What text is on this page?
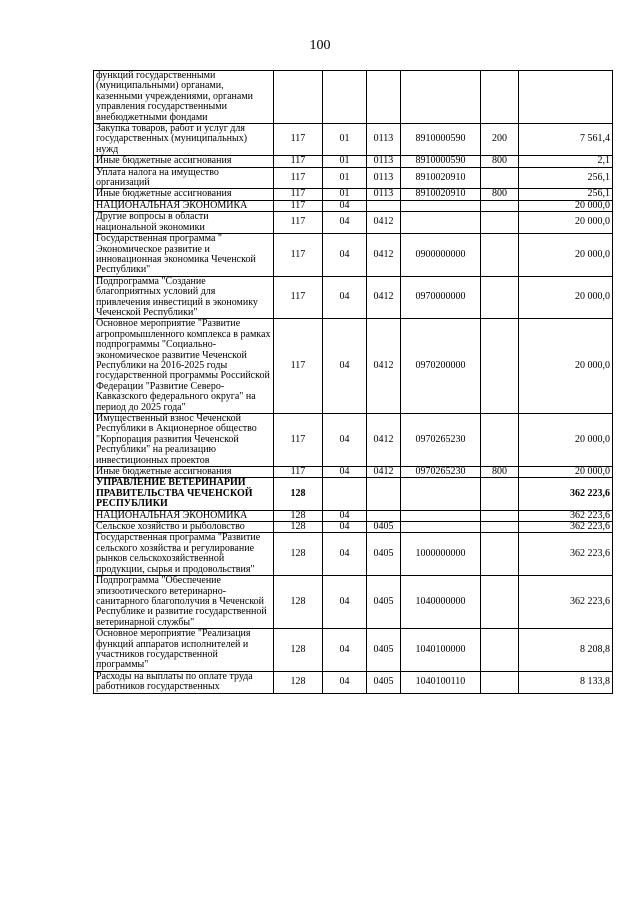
100
функций государственными (муниципальными) органами, казенными учреждениями, органами управления государственными внебюджетными фондами						
Закупка товаров, работ и услуг для государственных (муниципальных) нужд	117	01	0113	8910000590	200	7 561,4
Иные бюджетные ассигнования	117	01	0113	8910000590	800	2,1
Уплата налога на имущество организаций	117	01	0113	8910020910		256,1
Иные бюджетные ассигнования	117	01	0113	8910020910	800	256,1
НАЦИОНАЛЬНАЯ ЭКОНОМИКА	117	04				20 000,0
Другие вопросы в области национальной экономики	117	04	0412			20 000,0
Государственная программа " Экономическое развитие и инновационная экономика Чеченской Республики"	117	04	0412	0900000000		20 000,0
Подпрограмма "Создание благоприятных условий для привлечения инвестиций в экономику Чеченской Республики"	117	04	0412	0970000000		20 000,0
Основное мероприятие "Развитие агропромышленного комплекса в рамках подпрограммы "Социально-экономическое развитие Чеченской Республики на 2016-2025 годы государственной программы Российской Федерации "Развитие Северо-Кавказского федерального округа" на период до 2025 года"	117	04	0412	0970200000		20 000,0
Имущественный взнос Чеченской Республики в Акционерное общество "Корпорация развития Чеченской Республики" на реализацию инвестиционных проектов	117	04	0412	0970265230		20 000,0
Иные бюджетные ассигнования	117	04	0412	0970265230	800	20 000,0
УПРАВЛЕНИЕ ВЕТЕРИНАРИИ ПРАВИТЕЛЬСТВА ЧЕЧЕНСКОЙ РЕСПУБЛИКИ	128					362 223,6
НАЦИОНАЛЬНАЯ ЭКОНОМИКА	128	04				362 223,6
Сельское хозяйство и рыболовство	128	04	0405			362 223,6
Государственная программа "Развитие сельского хозяйства и регулирование рынков сельскохозяйственной продукции, сырья и продовольствия"	128	04	0405	1000000000		362 223,6
Подпрограмма "Обеспечение эпизоотического ветеринарно-санитарного благополучия в Чеченской Республике и развитие государственной ветеринарной службы"	128	04	0405	1040000000		362 223,6
Основное мероприятие "Реализация функций аппаратов исполнителей и участников государственной программы"	128	04	0405	1040100000		8 208,8
Расходы на выплаты по оплате труда работников государственных	128	04	0405	1040100110		8 133,8
